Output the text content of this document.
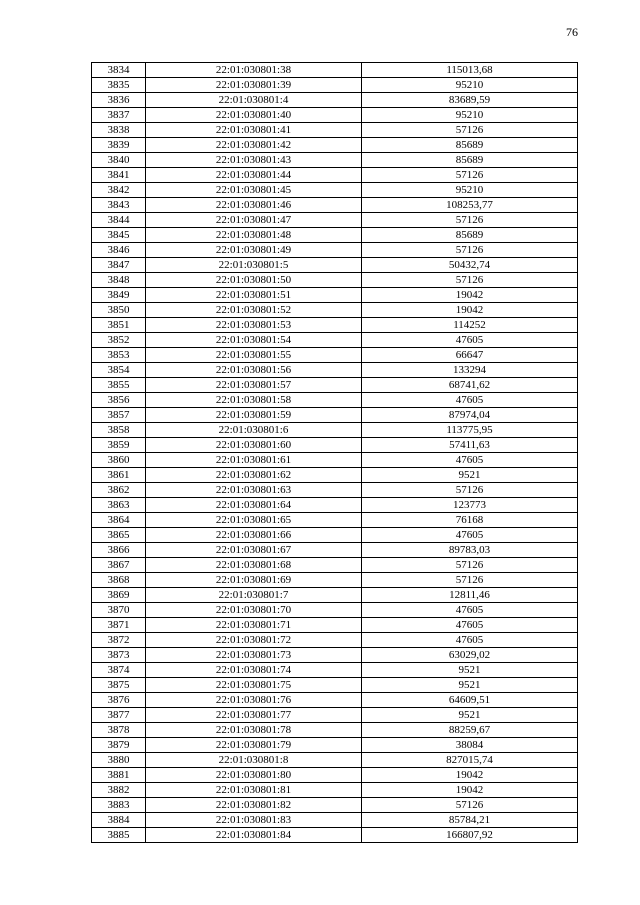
76
3834	22:01:030801:38	115013,68
3835	22:01:030801:39	95210
3836	22:01:030801:4	83689,59
3837	22:01:030801:40	95210
3838	22:01:030801:41	57126
3839	22:01:030801:42	85689
3840	22:01:030801:43	85689
3841	22:01:030801:44	57126
3842	22:01:030801:45	95210
3843	22:01:030801:46	108253,77
3844	22:01:030801:47	57126
3845	22:01:030801:48	85689
3846	22:01:030801:49	57126
3847	22:01:030801:5	50432,74
3848	22:01:030801:50	57126
3849	22:01:030801:51	19042
3850	22:01:030801:52	19042
3851	22:01:030801:53	114252
3852	22:01:030801:54	47605
3853	22:01:030801:55	66647
3854	22:01:030801:56	133294
3855	22:01:030801:57	68741,62
3856	22:01:030801:58	47605
3857	22:01:030801:59	87974,04
3858	22:01:030801:6	113775,95
3859	22:01:030801:60	57411,63
3860	22:01:030801:61	47605
3861	22:01:030801:62	9521
3862	22:01:030801:63	57126
3863	22:01:030801:64	123773
3864	22:01:030801:65	76168
3865	22:01:030801:66	47605
3866	22:01:030801:67	89783,03
3867	22:01:030801:68	57126
3868	22:01:030801:69	57126
3869	22:01:030801:7	12811,46
3870	22:01:030801:70	47605
3871	22:01:030801:71	47605
3872	22:01:030801:72	47605
3873	22:01:030801:73	63029,02
3874	22:01:030801:74	9521
3875	22:01:030801:75	9521
3876	22:01:030801:76	64609,51
3877	22:01:030801:77	9521
3878	22:01:030801:78	88259,67
3879	22:01:030801:79	38084
3880	22:01:030801:8	827015,74
3881	22:01:030801:80	19042
3882	22:01:030801:81	19042
3883	22:01:030801:82	57126
3884	22:01:030801:83	85784,21
3885	22:01:030801:84	166807,92
